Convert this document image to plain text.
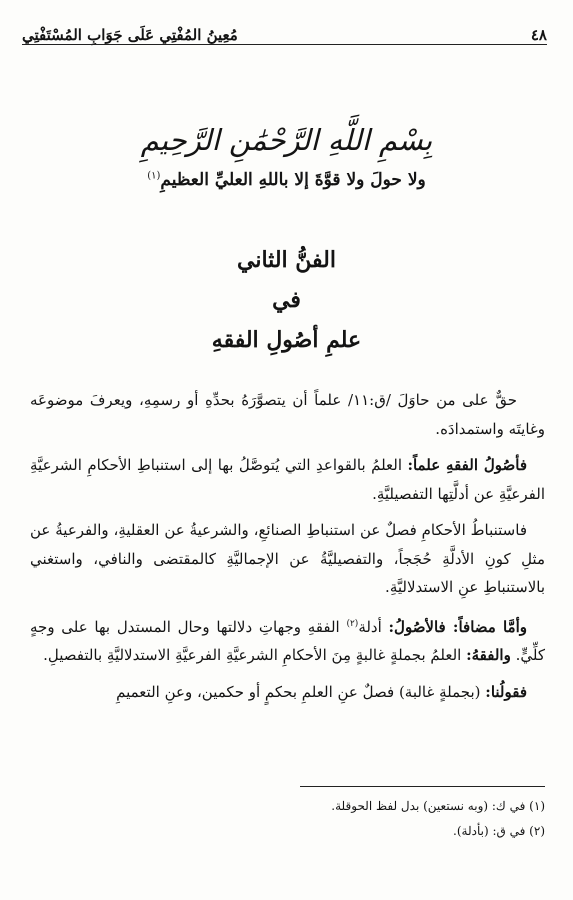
٤٨
مُعِينُ المُفْتِي عَلَى جَوَابِ المُسْتَفْتِي
بِسْمِ اللَّهِ الرَّحْمَٰنِ الرَّحِيمِ
ولا حولَ ولا قوَّةَ إلا باللهِ العليِّ العظيمِ$^{(١)}$
الفنُّ الثاني
في
علمِ أصُولِ الفقهِ

حقٌّ على من حاوَلَ /ق:١١/ علماً أن يتصوَّرَهُ بحدِّهِ أو رسمِهِ، ويعرفَ موضوعَه وغايتَه واستمدادَه.

فأصُولُ الفقهِ علماً: العلمُ بالقواعدِ التي يُتوصَّلُ بها إلى استنباطِ الأحكامِ الشرعيَّةِ الفرعيَّةِ عن أدلَّتِها التفصيليَّةِ.

فاستنباطُ الأحكامِ فصلٌ عن استنباطِ الصنائعِ، والشرعيةُ عن العقليةِ، والفرعيةُ عن مثلِ كونِ الأدلَّةِ حُجَجاً، والتفصيليَّةُ عن الإجماليَّةِ كالمقتضى والنافي، واستغني بالاستنباطِ عنِ الاستدلاليَّةِ.

وأمَّا مضافاً: فالأصُولُ: أدلة$^{(٢)}$ الفقهِ وجهاتِ دلالتها وحال المستدل بها على وجهٍ كلِّيٍّ. والفقهُ: العلمُ بجملةٍ غالبةٍ مِنَ الأحكامِ الشرعيَّةِ الفرعيَّةِ الاستدلاليَّةِ بالتفصيلِ.

فقولُنا: (بجملةٍ غالبة) فصلٌ عنِ العلمِ بحكمٍ أو حكمين، وعنِ التعميمِ

(١) في ك: (وبه نستعين) بدل لفظ الحوقلة.
(٢) في ق: (بأدلة).
